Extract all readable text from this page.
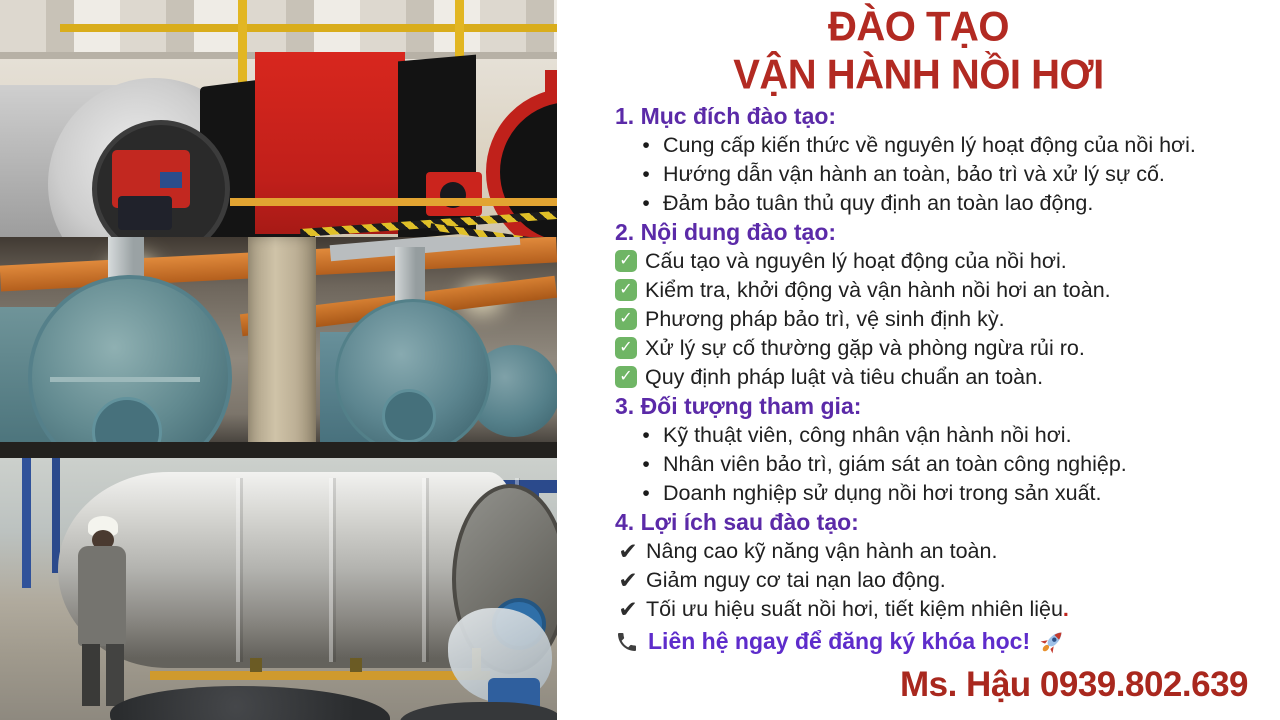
ĐÀO TẠO
VẬN HÀNH NỒI HƠI
1. Mục đích đào tạo:
• Cung cấp kiến thức về nguyên lý hoạt động của nồi hơi.
• Hướng dẫn vận hành an toàn, bảo trì và xử lý sự cố.
• Đảm bảo tuân thủ quy định an toàn lao động.
2. Nội dung đào tạo:
✓ Cấu tạo và nguyên lý hoạt động của nồi hơi.
✓ Kiểm tra, khởi động và vận hành nồi hơi an toàn.
✓ Phương pháp bảo trì, vệ sinh định kỳ.
✓ Xử lý sự cố thường gặp và phòng ngừa rủi ro.
✓ Quy định pháp luật và tiêu chuẩn an toàn.
3. Đối tượng tham gia:
• Kỹ thuật viên, công nhân vận hành nồi hơi.
• Nhân viên bảo trì, giám sát an toàn công nghiệp.
• Doanh nghiệp sử dụng nồi hơi trong sản xuất.
4. Lợi ích sau đào tạo:
✔ Nâng cao kỹ năng vận hành an toàn.
✔ Giảm nguy cơ tai nạn lao động.
✔ Tối ưu hiệu suất nồi hơi, tiết kiệm nhiên liệu .
Liên hệ ngay để đăng ký khóa học!
Ms. Hậu 0939.802.639
